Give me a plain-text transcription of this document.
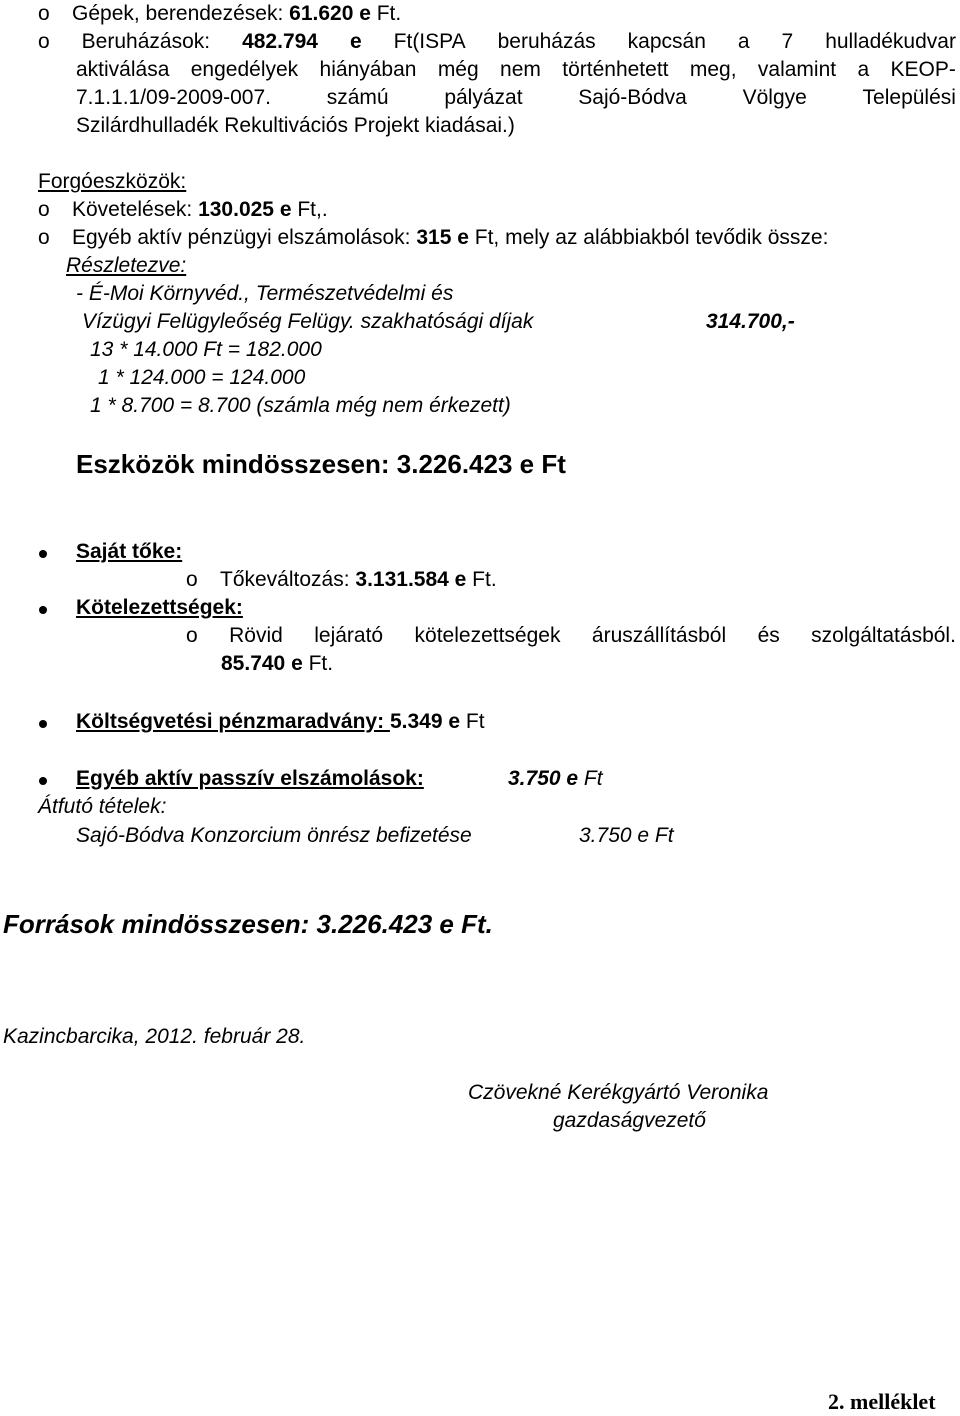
o Gépek, berendezések: 61.620 e Ft.
o Beruházások: 482.794 e Ft(ISPA beruházás kapcsán a 7 hulladékudvar
aktiválása engedélyek hiányában még nem történhetett meg, valamint a KEOP-
7.1.1.1/09-2009-007.	számú	pályázat	Sajó-Bódva	Völgye	Települési
Szilárdhulladék Rekultivációs Projekt kiadásai.)
Forgóeszközök:
o Követelések: 130.025 e Ft,.
o Egyéb aktív pénzügyi elszámolások: 315 e Ft, mely az alábbiakból tevődik össze:
Részletezve:
- É-Moi Környvéd., Természetvédelmi és
Vízügyi Felügyleőség Felügy. szakhatósági díjak	314.700,-
13 * 14.000 Ft = 182.000
1 * 124.000 = 124.000
1 * 8.700 = 8.700 (számla még nem érkezett)
Eszközök mindösszesen: 3.226.423 e Ft
Saját tőke:
o Tőkeváltozás: 3.131.584 e Ft.
Kötelezettségek:
o Rövid lejárató kötelezettségek áruszállításból és szolgáltatásból.
85.740 e Ft.
Költségvetési pénzmaradvány: 5.349 e Ft
Egyéb aktív passzív elszámolások:	3.750 e Ft
Átfutó tételek:
Sajó-Bódva Konzorcium önrész befizetése	3.750 e Ft
Források mindösszesen: 3.226.423 e Ft.
Kazincbarcika, 2012. február 28.
Czövekné Kerékgyártó Veronika
gazdaságvezető
2. melléklet
